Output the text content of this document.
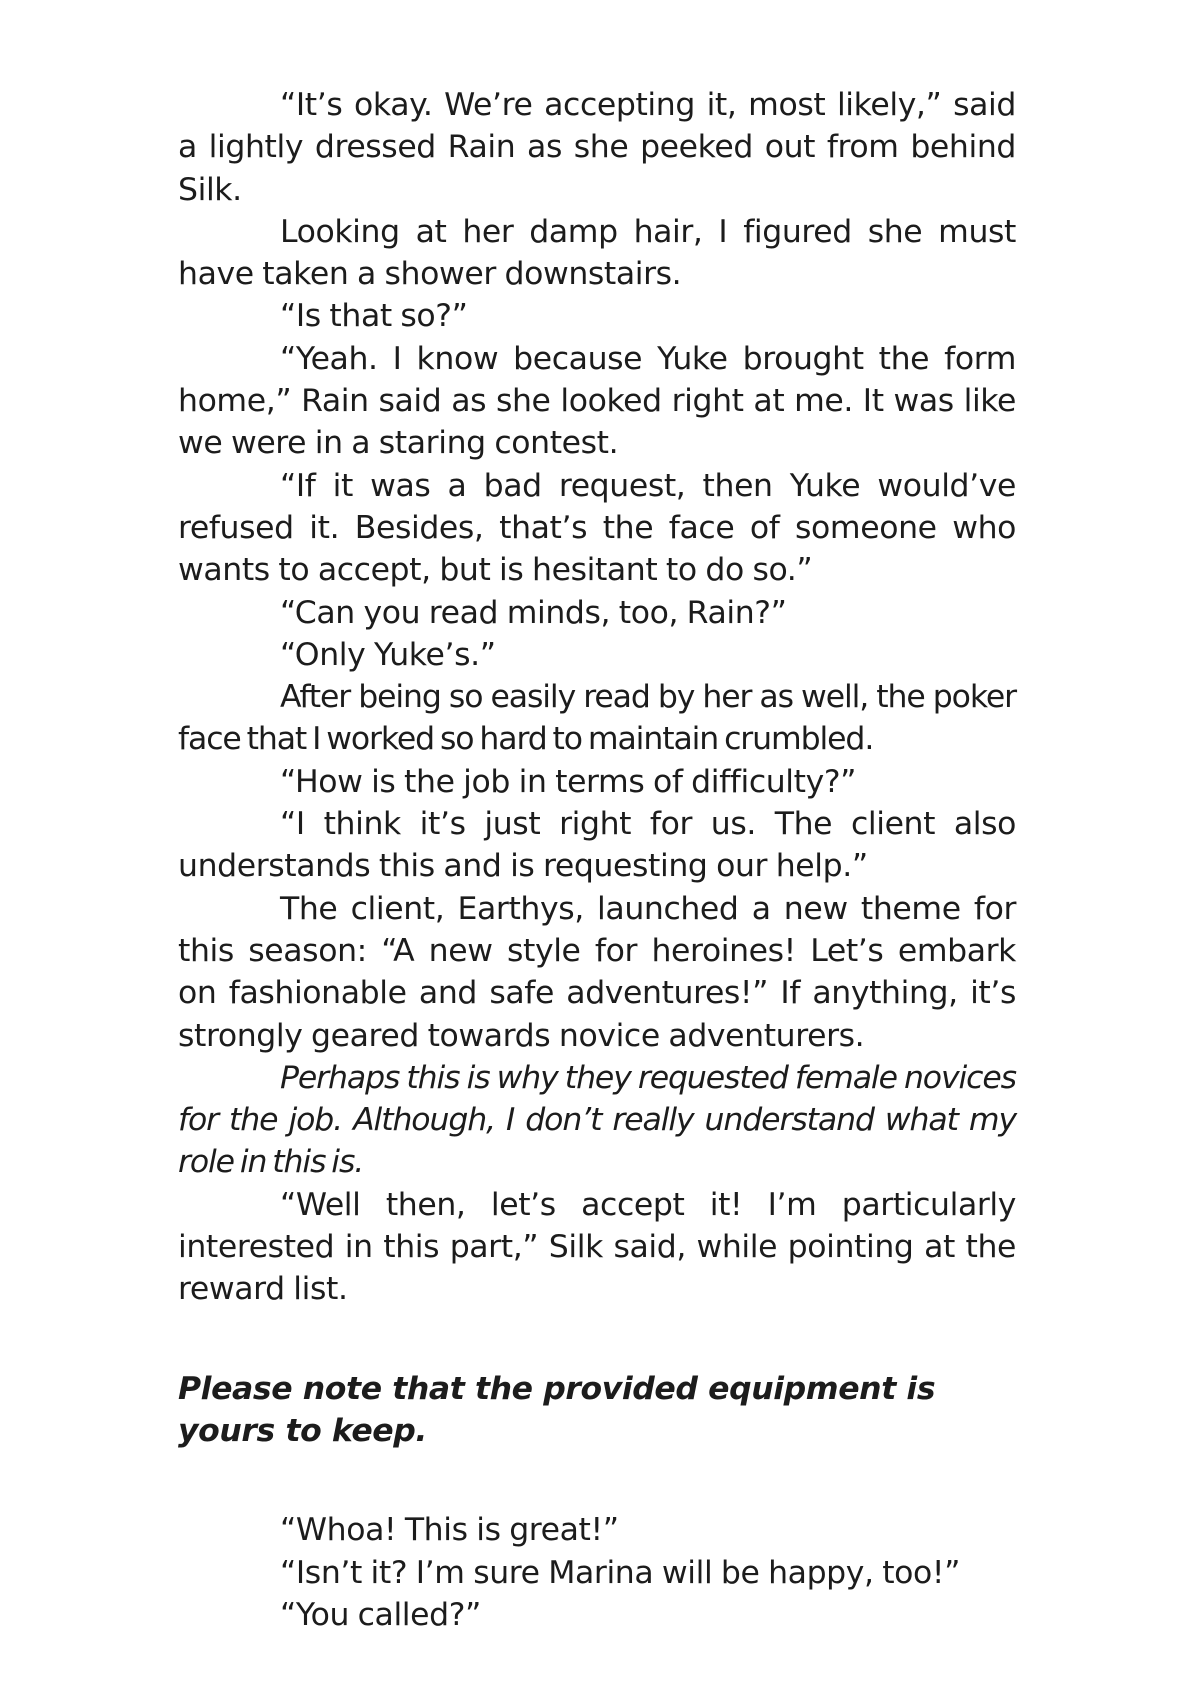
“It’s okay. We’re accepting it, most likely,” said a lightly dressed Rain as she peeked out from behind Silk.

Looking at her damp hair, I figured she must have taken a shower downstairs.

“Is that so?”

“Yeah. I know because Yuke brought the form home,” Rain said as she looked right at me. It was like we were in a staring contest.

“If it was a bad request, then Yuke would’ve refused it. Besides, that’s the face of someone who wants to accept, but is hesitant to do so.”

“Can you read minds, too, Rain?”

“Only Yuke’s.”

After being so easily read by her as well, the poker face that I worked so hard to maintain crumbled.

“How is the job in terms of difficulty?”

“I think it’s just right for us. The client also understands this and is requesting our help.”

The client, Earthys, launched a new theme for this season: “A new style for heroines! Let’s embark on fashionable and safe adventures!” If anything, it’s strongly geared towards novice adventurers.

Perhaps this is why they requested female novices for the job. Although, I don’t really understand what my role in this is.

“Well then, let’s accept it! I’m particularly interested in this part,” Silk said, while pointing at the reward list.

Please note that the provided equipment is yours to keep.

“Whoa! This is great!”

“Isn’t it? I’m sure Marina will be happy, too!”

“You called?”
